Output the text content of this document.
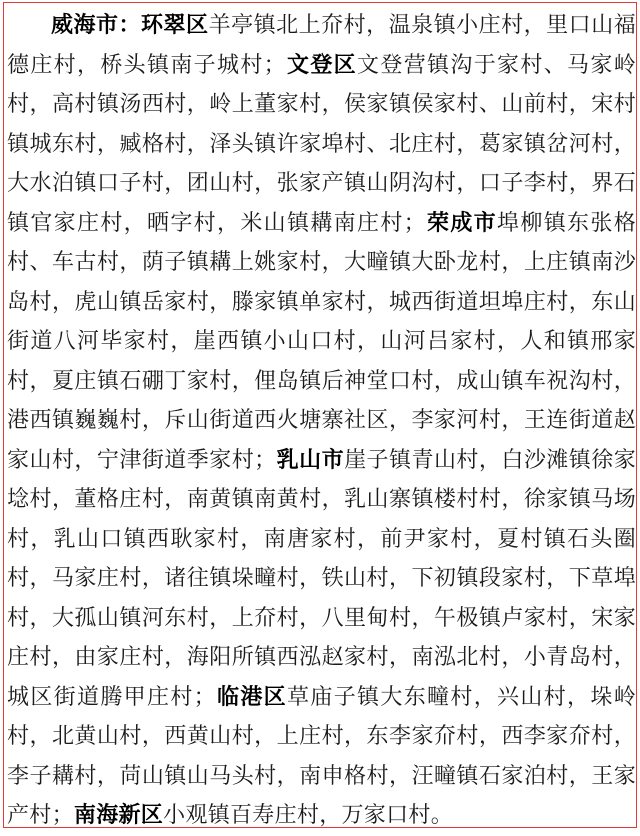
威海市：环翠区羊亭镇北上夼村，温泉镇小庄村，里口山福德庄村，桥头镇南子城村；文登区文登营镇沟于家村、马家岭村，高村镇汤西村，岭上董家村，侯家镇侯家村、山前村，宋村镇城东村，臧格村，泽头镇许家埠村、北庄村，葛家镇岔河村，大水泊镇口子村，团山村，张家产镇山阴沟村，口子李村，界石镇官家庄村，晒字村，米山镇耩南庄村；荣成市埠柳镇东张格村、车古村，荫子镇耩上姚家村，大疃镇大卧龙村，上庄镇南沙岛村，虎山镇岳家村，滕家镇单家村，城西街道坦埠庄村，东山街道八河毕家村，崖西镇小山口村，山河吕家村，人和镇邢家村，夏庄镇石硼丁家村，俚岛镇后神堂口村，成山镇车祝沟村，港西镇巍巍村，斥山街道西火塘寨社区，李家河村，王连街道赵家山村，宁津街道季家村；乳山市崖子镇青山村，白沙滩镇徐家埝村，董格庄村，南黄镇南黄村，乳山寨镇楼村村，徐家镇马场村，乳山口镇西耿家村，南唐家村，前尹家村，夏村镇石头圈村，马家庄村，诸往镇垛疃村，铁山村，下初镇段家村，下草埠村，大孤山镇河东村，上夼村，八里甸村，午极镇卢家村，宋家庄村，由家庄村，海阳所镇西泓赵家村，南泓北村，小青岛村，城区街道腾甲庄村；临港区草庙子镇大东疃村，兴山村，垛岭村，北黄山村，西黄山村，上庄村，东李家夼村，西李家夼村，李子耩村，苘山镇山马头村，南申格村，汪疃镇石家泊村，王家产村；南海新区小观镇百寿庄村，万家口村。
